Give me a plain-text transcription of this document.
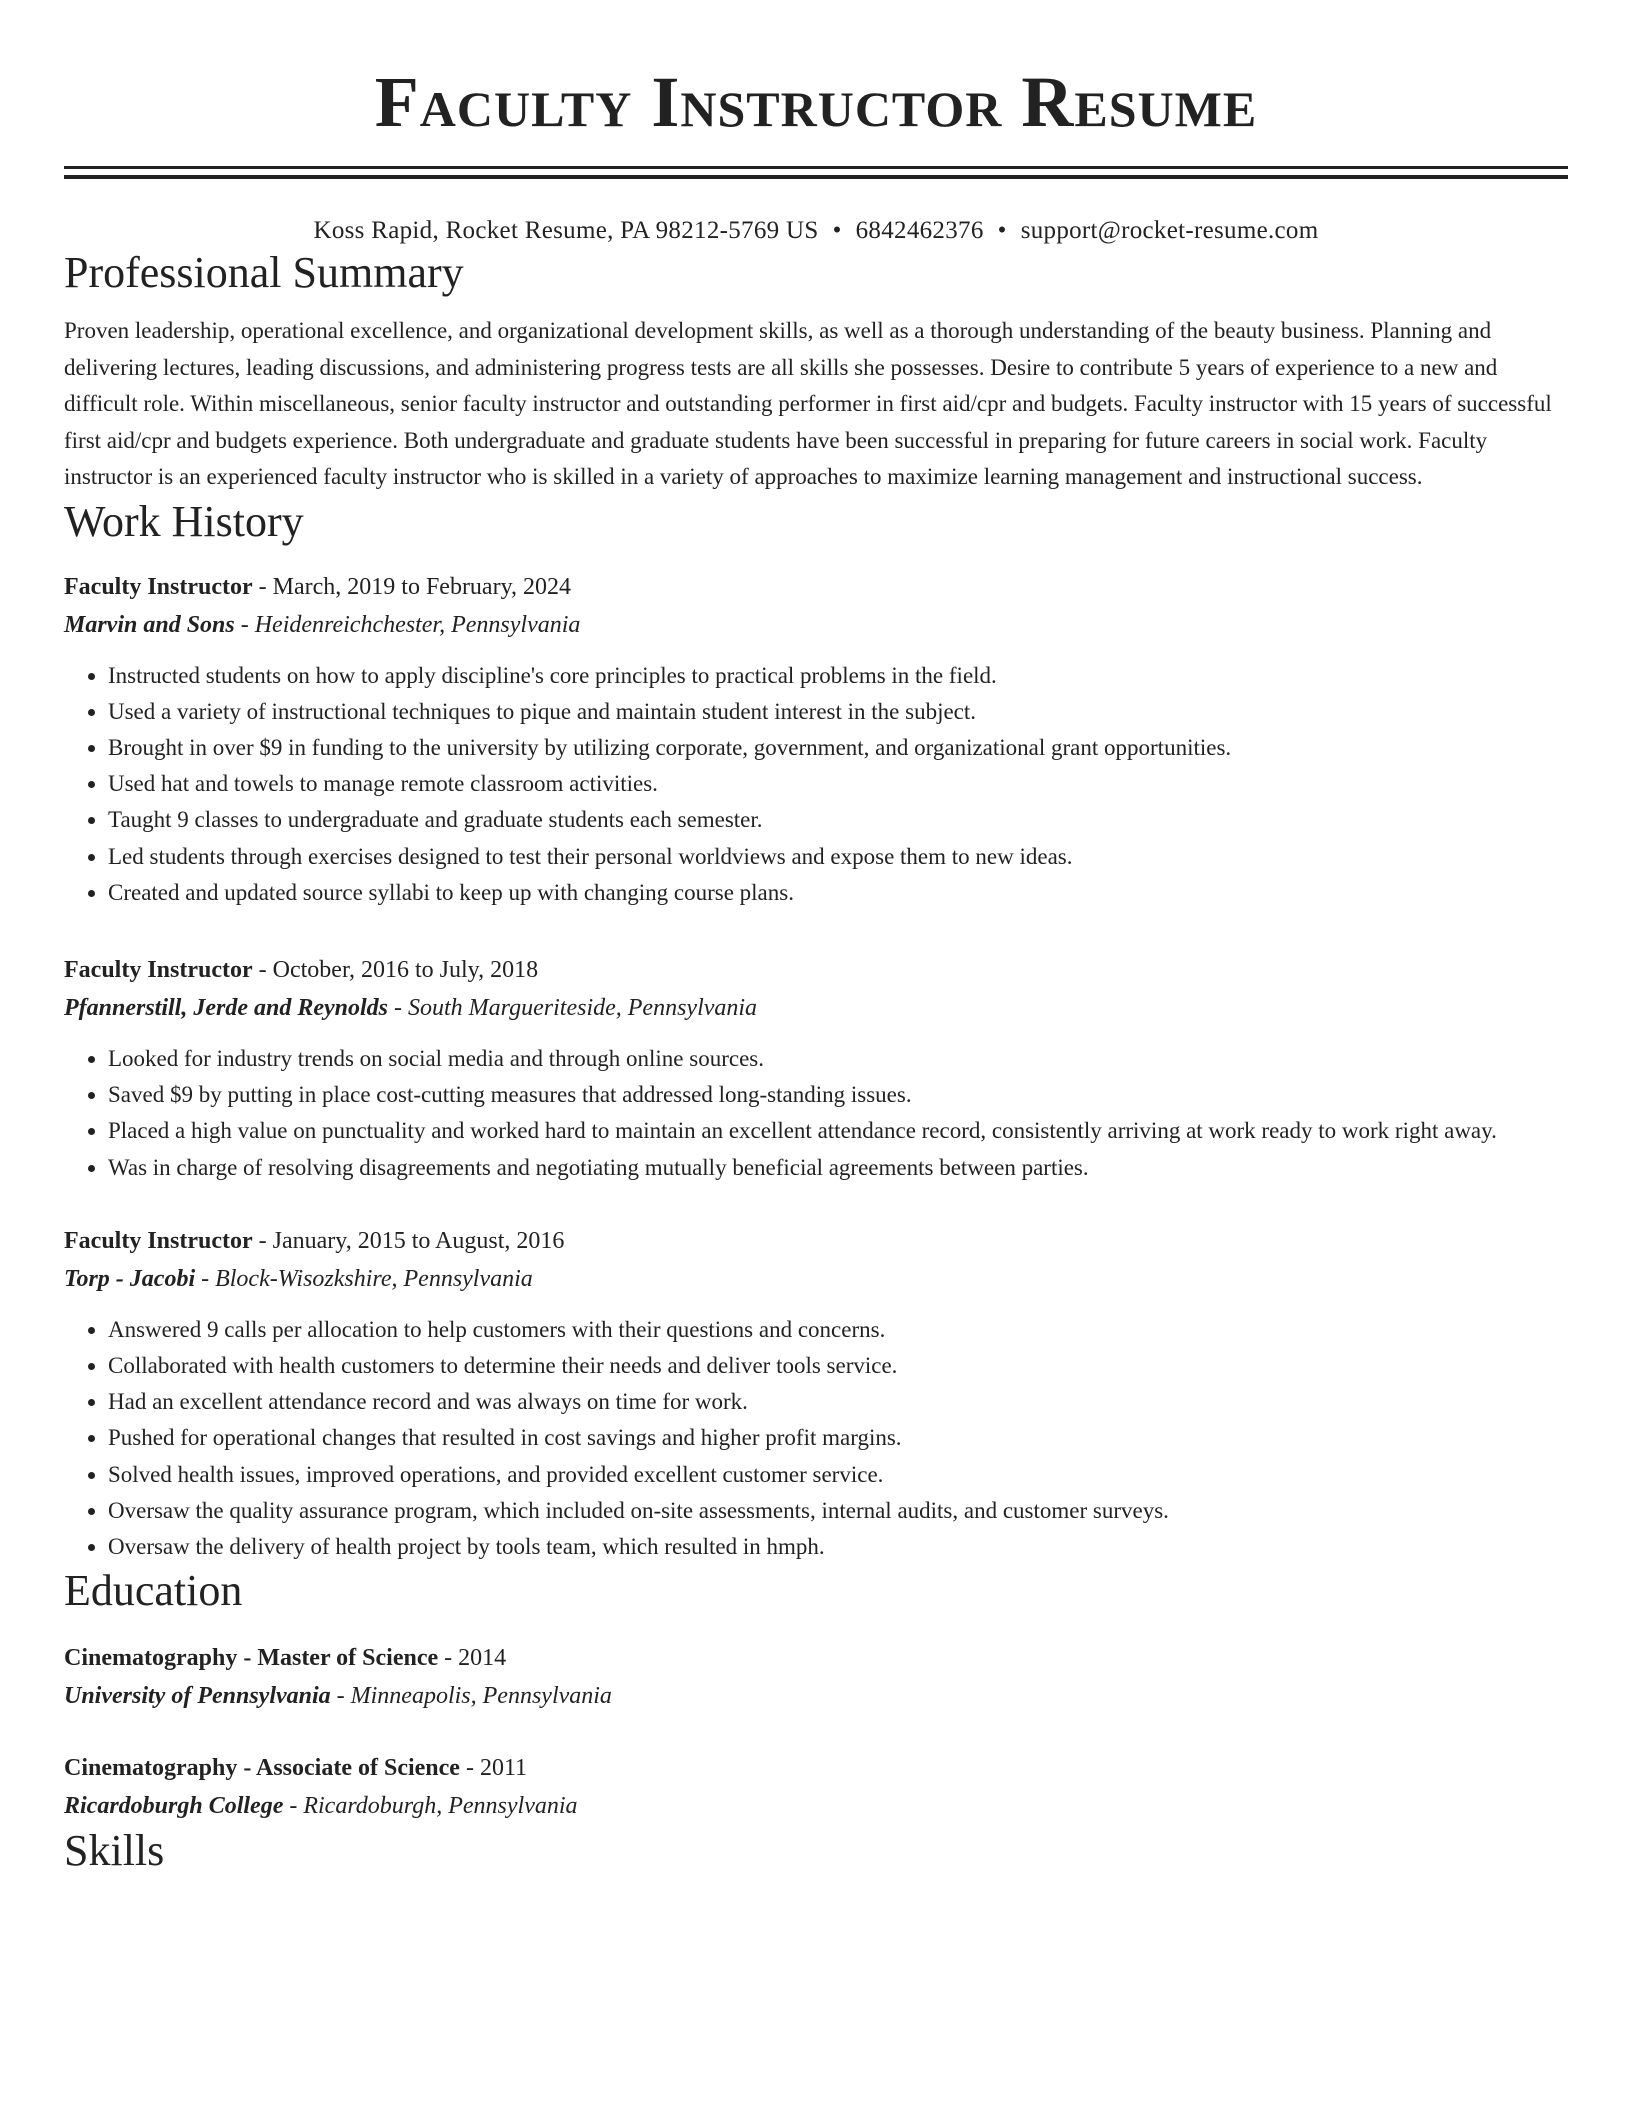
Faculty Instructor Resume
Koss Rapid, Rocket Resume, PA 98212-5769 US • 6842462376 • support@rocket-resume.com
Professional Summary

Proven leadership, operational excellence, and organizational development skills, as well as a thorough understanding of the beauty business. Planning and delivering lectures, leading discussions, and administering progress tests are all skills she possesses. Desire to contribute 5 years of experience to a new and difficult role. Within miscellaneous, senior faculty instructor and outstanding performer in first aid/cpr and budgets. Faculty instructor with 15 years of successful first aid/cpr and budgets experience. Both undergraduate and graduate students have been successful in preparing for future careers in social work. Faculty instructor is an experienced faculty instructor who is skilled in a variety of approaches to maximize learning management and instructional success.

Work History
Faculty Instructor - March, 2019 to February, 2024
Marvin and Sons - Heidenreichchester, Pennsylvania
• Instructed students on how to apply discipline's core principles to practical problems in the field.
• Used a variety of instructional techniques to pique and maintain student interest in the subject.
• Brought in over $9 in funding to the university by utilizing corporate, government, and organizational grant opportunities.
• Used hat and towels to manage remote classroom activities.
• Taught 9 classes to undergraduate and graduate students each semester.
• Led students through exercises designed to test their personal worldviews and expose them to new ideas.
• Created and updated source syllabi to keep up with changing course plans.
Faculty Instructor - October, 2016 to July, 2018
Pfannerstill, Jerde and Reynolds - South Margueriteside, Pennsylvania
• Looked for industry trends on social media and through online sources.
• Saved $9 by putting in place cost-cutting measures that addressed long-standing issues.
• Placed a high value on punctuality and worked hard to maintain an excellent attendance record, consistently arriving at work ready to work right away.
• Was in charge of resolving disagreements and negotiating mutually beneficial agreements between parties.
Faculty Instructor - January, 2015 to August, 2016
Torp - Jacobi - Block-Wisozkshire, Pennsylvania
• Answered 9 calls per allocation to help customers with their questions and concerns.
• Collaborated with health customers to determine their needs and deliver tools service.
• Had an excellent attendance record and was always on time for work.
• Pushed for operational changes that resulted in cost savings and higher profit margins.
• Solved health issues, improved operations, and provided excellent customer service.
• Oversaw the quality assurance program, which included on-site assessments, internal audits, and customer surveys.
• Oversaw the delivery of health project by tools team, which resulted in hmph.
Education
Cinematography - Master of Science - 2014
University of Pennsylvania - Minneapolis, Pennsylvania
Cinematography - Associate of Science - 2011
Ricardoburgh College - Ricardoburgh, Pennsylvania
Skills
